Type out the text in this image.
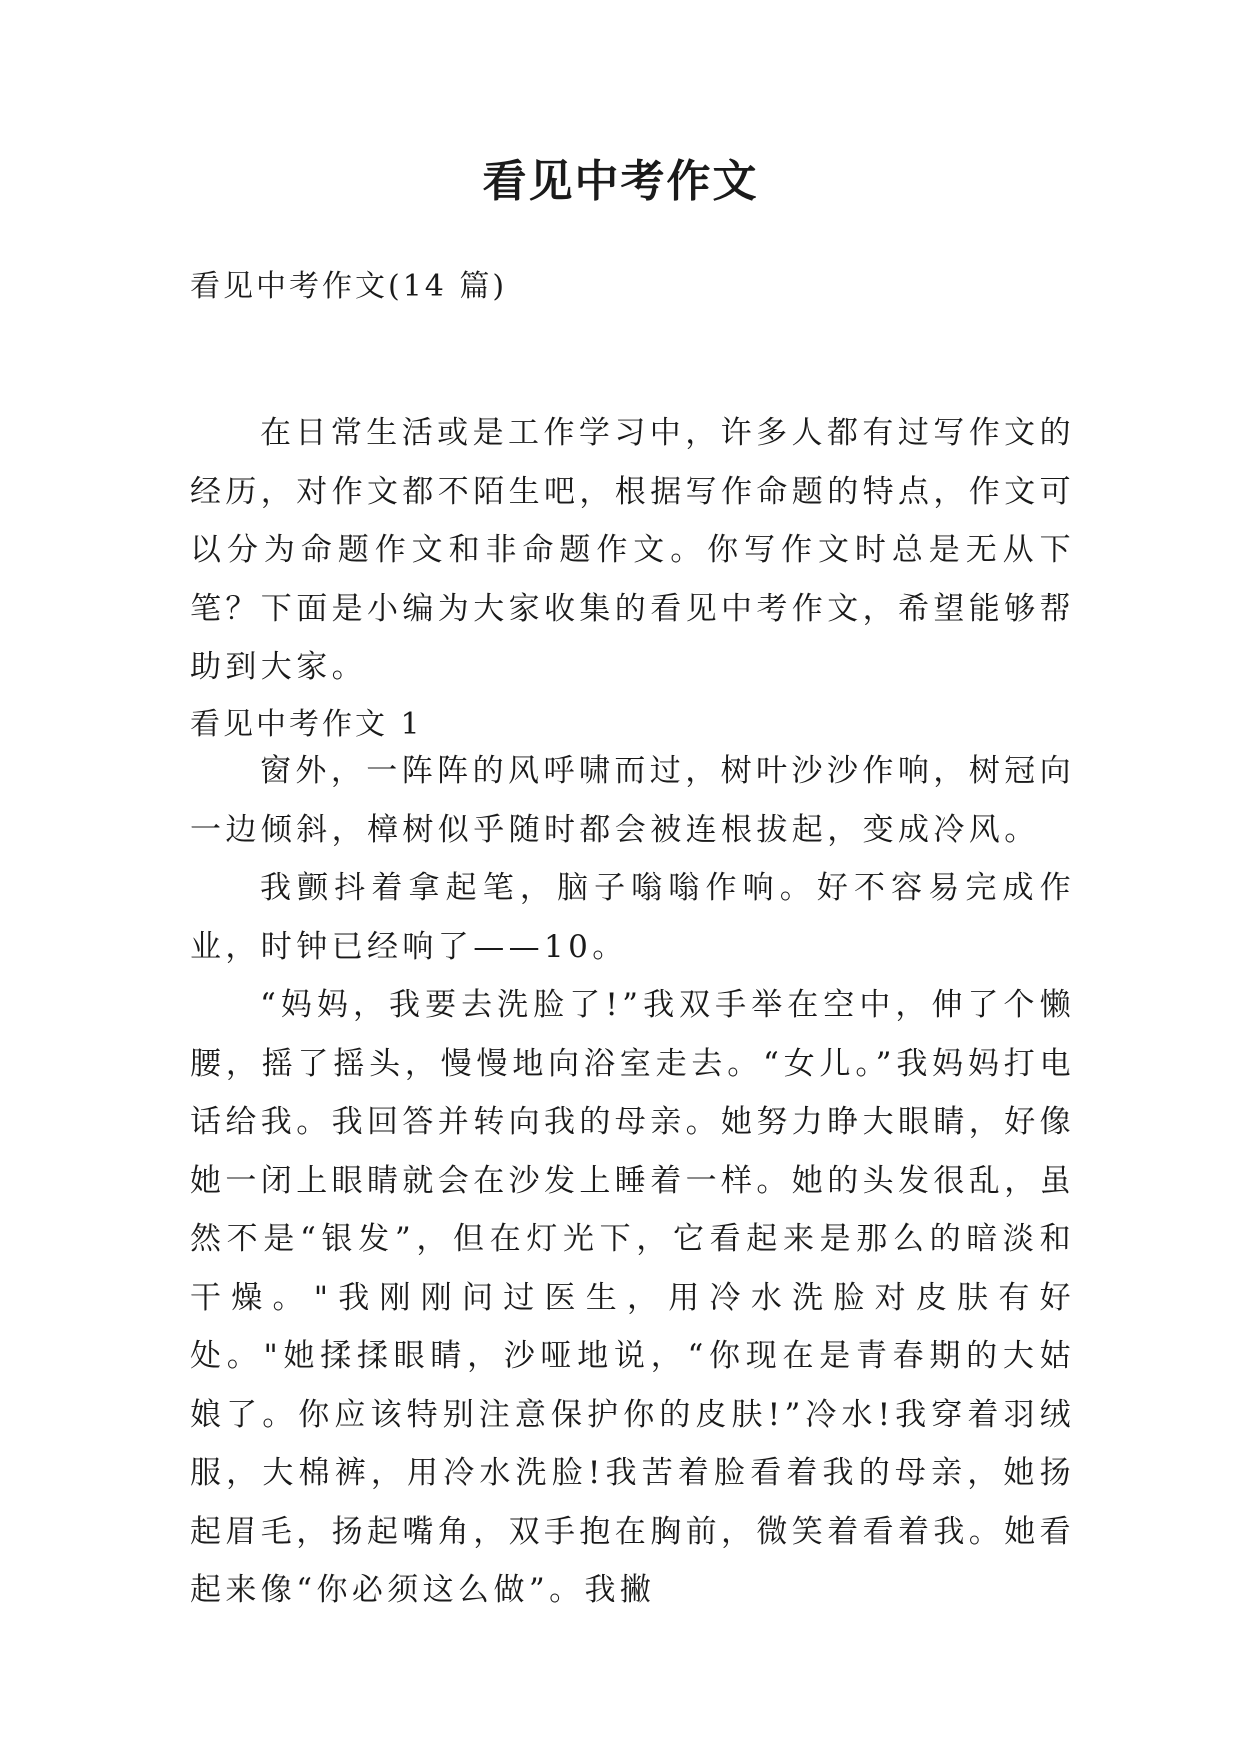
看见中考作文
看见中考作文(14 篇)

在日常生活或是工作学习中，许多人都有过写作文的经历，对作文都不陌生吧，根据写作命题的特点，作文可以分为命题作文和非命题作文。你写作文时总是无从下笔？下面是小编为大家收集的看见中考作文，希望能够帮助到大家。

看见中考作文 1

窗外，一阵阵的风呼啸而过，树叶沙沙作响，树冠向一边倾斜，樟树似乎随时都会被连根拔起，变成冷风。

我颤抖着拿起笔，脑子嗡嗡作响。好不容易完成作业，时钟已经响了——10。

“妈妈，我要去洗脸了!”我双手举在空中，伸了个懒腰，摇了摇头，慢慢地向浴室走去。“女儿。”我妈妈打电话给我。我回答并转向我的母亲。她努力睁大眼睛，好像她一闭上眼睛就会在沙发上睡着一样。她的头发很乱，虽然不是“银发”，但在灯光下，它看起来是那么的暗淡和干燥。"我刚刚问过医生，用冷水洗脸对皮肤有好处。"她揉揉眼睛，沙哑地说，“你现在是青春期的大姑娘了。你应该特别注意保护你的皮肤!”冷水!我穿着羽绒服，大棉裤，用冷水洗脸!我苦着脸看着我的母亲，她扬起眉毛，扬起嘴角，双手抱在胸前，微笑着看着我。她看起来像“你必须这么做”。我撇
